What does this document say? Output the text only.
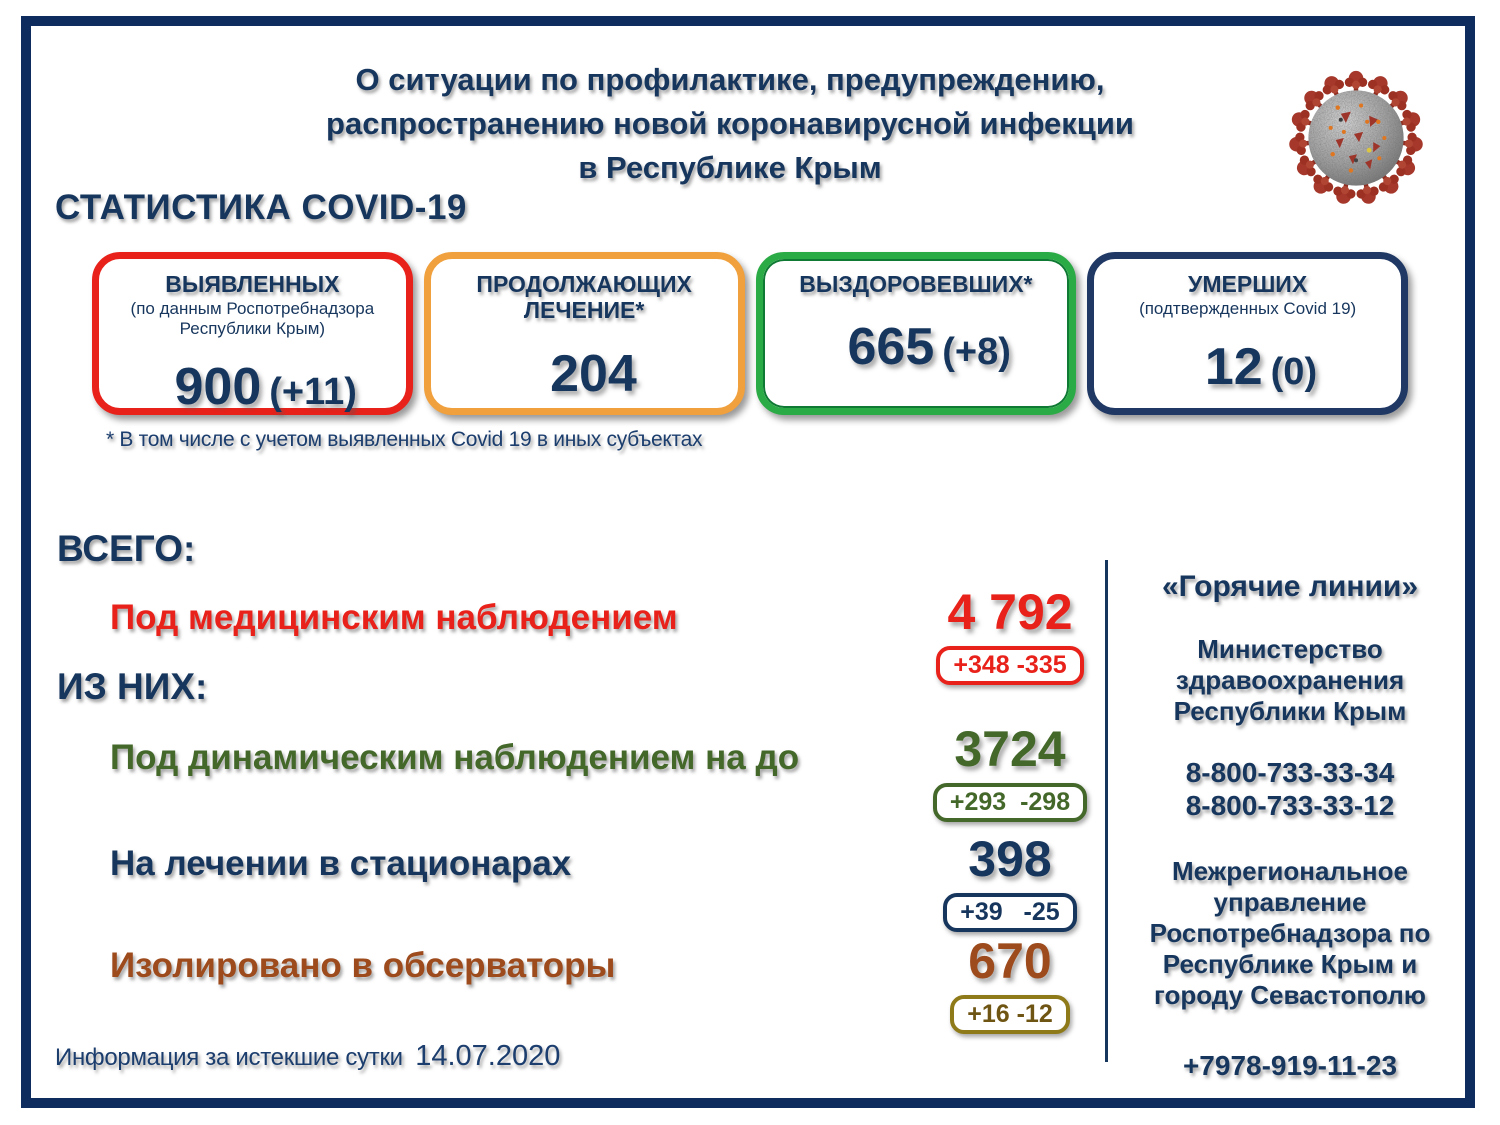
О ситуации по профилактике, предупреждению,
распространению новой коронавирусной инфекции
в Республике Крым
СТАТИСТИКА COVID-19
ВЫЯВЛЕННЫХ
(по данным Роспотребнадзора Республики Крым)

900 (+11)

ПРОДОЛЖАЮЩИХ ЛЕЧЕНИЕ*

204

ВЫЗДОРОВЕВШИХ*

665 (+8)

УМЕРШИХ
(подтвержденных Covid 19)

12 (0)

* В том числе с учетом выявленных Covid 19 в иных субъектах
ВСЕГО:
Под медицинским наблюдением	4 792
+348 -335
ИЗ НИХ:
Под динамическим наблюдением на до	3724
+293  -298
На лечении в стационарах	398
+39   -25
Изолировано в обсерваторы	670
+16 -12
«Горячие линии»
Министерство здравоохранения Республики Крым
8-800-733-33-34
8-800-733-33-12
Межрегиональное управление Роспотребнадзора по Республике Крым и городу Севастополю
+7978-919-11-23
Информация за истекшие сутки 14.07.2020
